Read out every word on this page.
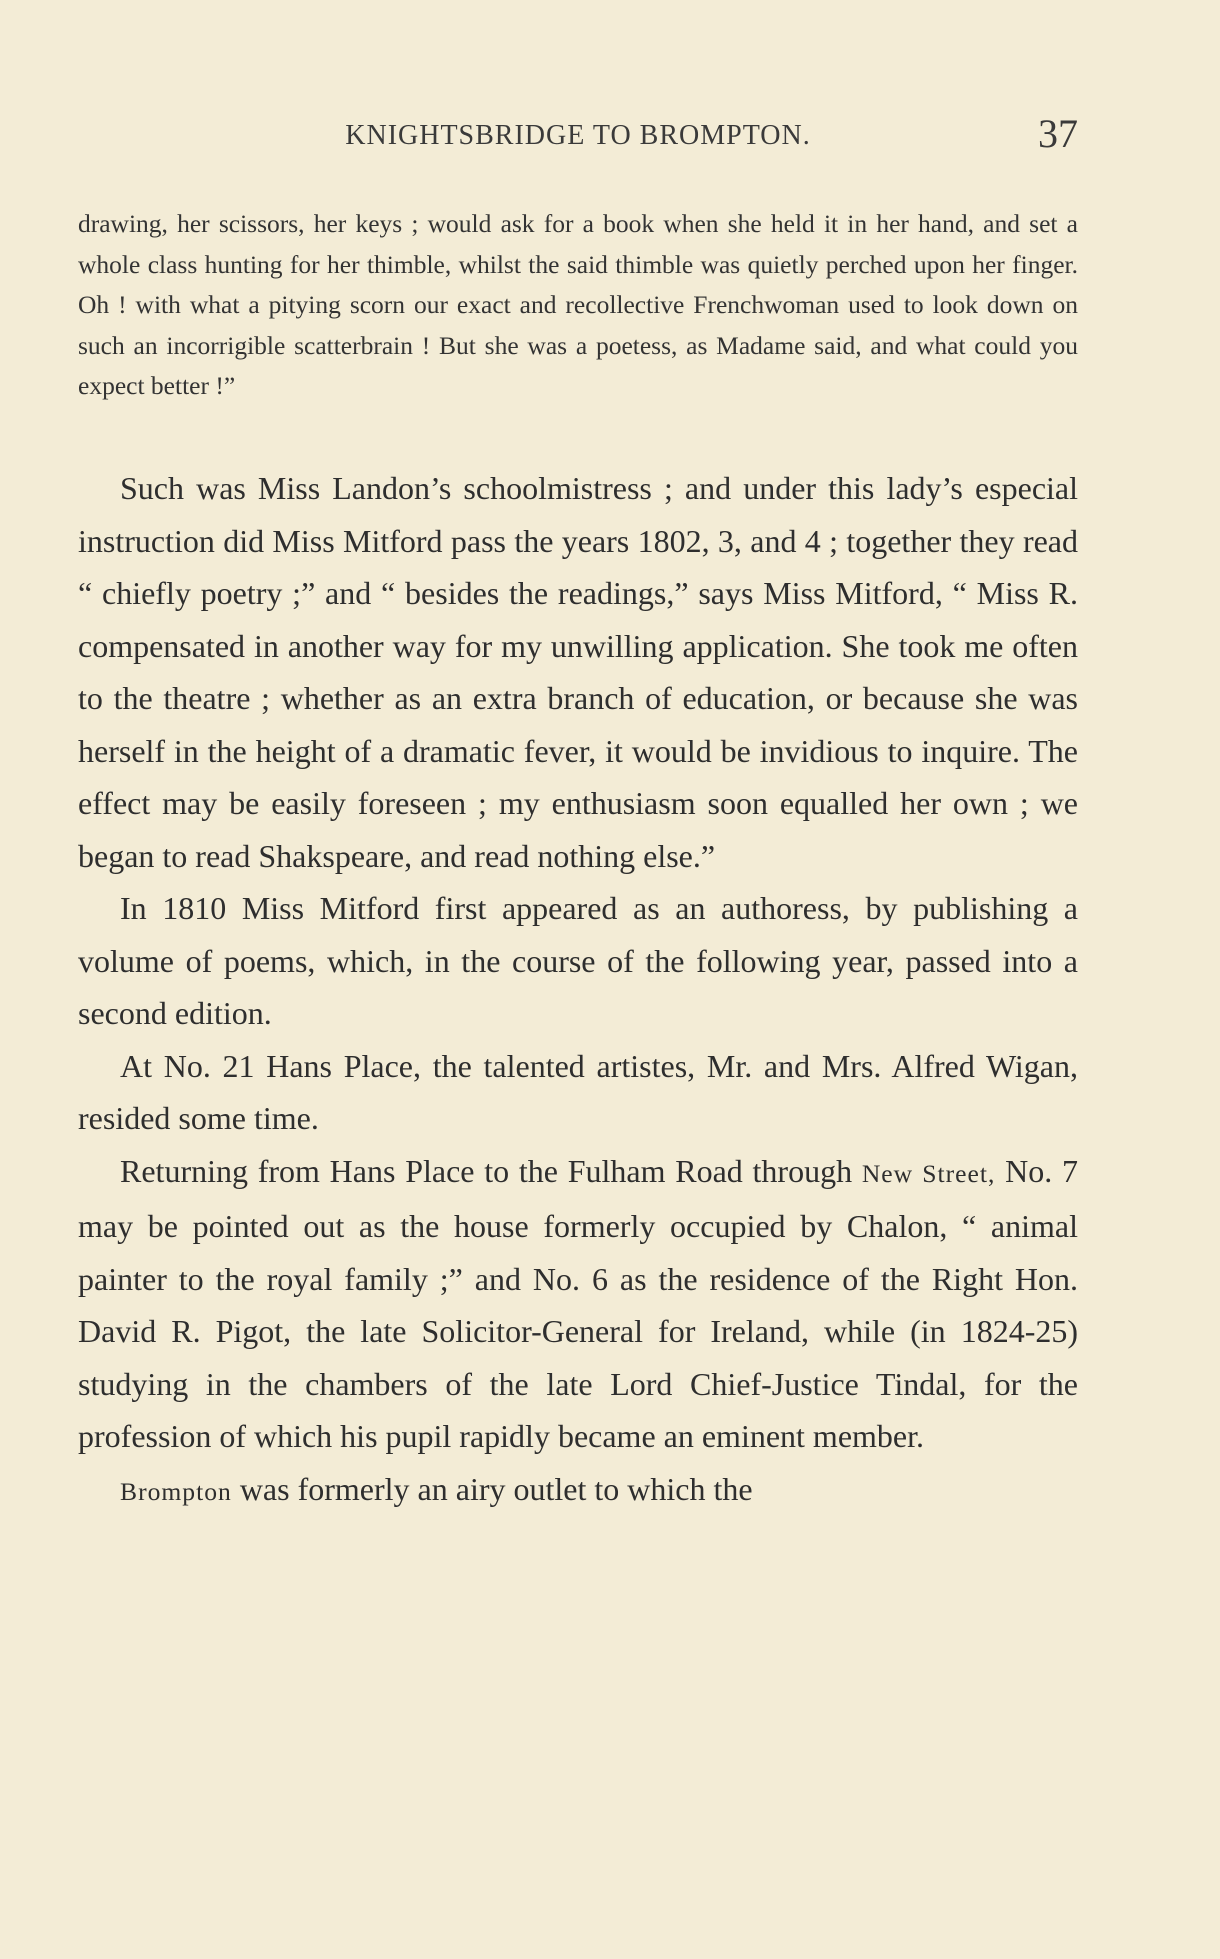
KNIGHTSBRIDGE TO BROMPTON.	37

drawing, her scissors, her keys ; would ask for a book when she held it in her hand, and set a whole class hunting for her thimble, whilst the said thimble was quietly perched upon her finger. Oh ! with what a pitying scorn our exact and recollective Frenchwoman used to look down on such an incorrigible scatterbrain ! But she was a poetess, as Madame said, and what could you expect better !”

Such was Miss Landon’s schoolmistress ; and under this lady’s especial instruction did Miss Mitford pass the years 1802, 3, and 4 ; together they read “ chiefly poetry ;” and “ besides the readings,” says Miss Mitford, “ Miss R. compensated in another way for my unwilling application. She took me often to the theatre ; whether as an extra branch of education, or because she was herself in the height of a dramatic fever, it would be invidious to inquire. The effect may be easily foreseen ; my enthusiasm soon equalled her own ; we began to read Shakspeare, and read nothing else.”

In 1810 Miss Mitford first appeared as an authoress, by publishing a volume of poems, which, in the course of the following year, passed into a second edition.

At No. 21 Hans Place, the talented artistes, Mr. and Mrs. Alfred Wigan, resided some time.

Returning from Hans Place to the Fulham Road through New Street, No. 7 may be pointed out as the house formerly occupied by Chalon, “ animal painter to the royal family ;” and No. 6 as the residence of the Right Hon. David R. Pigot, the late Solicitor-General for Ireland, while (in 1824-25) studying in the chambers of the late Lord Chief-Justice Tindal, for the profession of which his pupil rapidly became an eminent member.

Brompton was formerly an airy outlet to which the
